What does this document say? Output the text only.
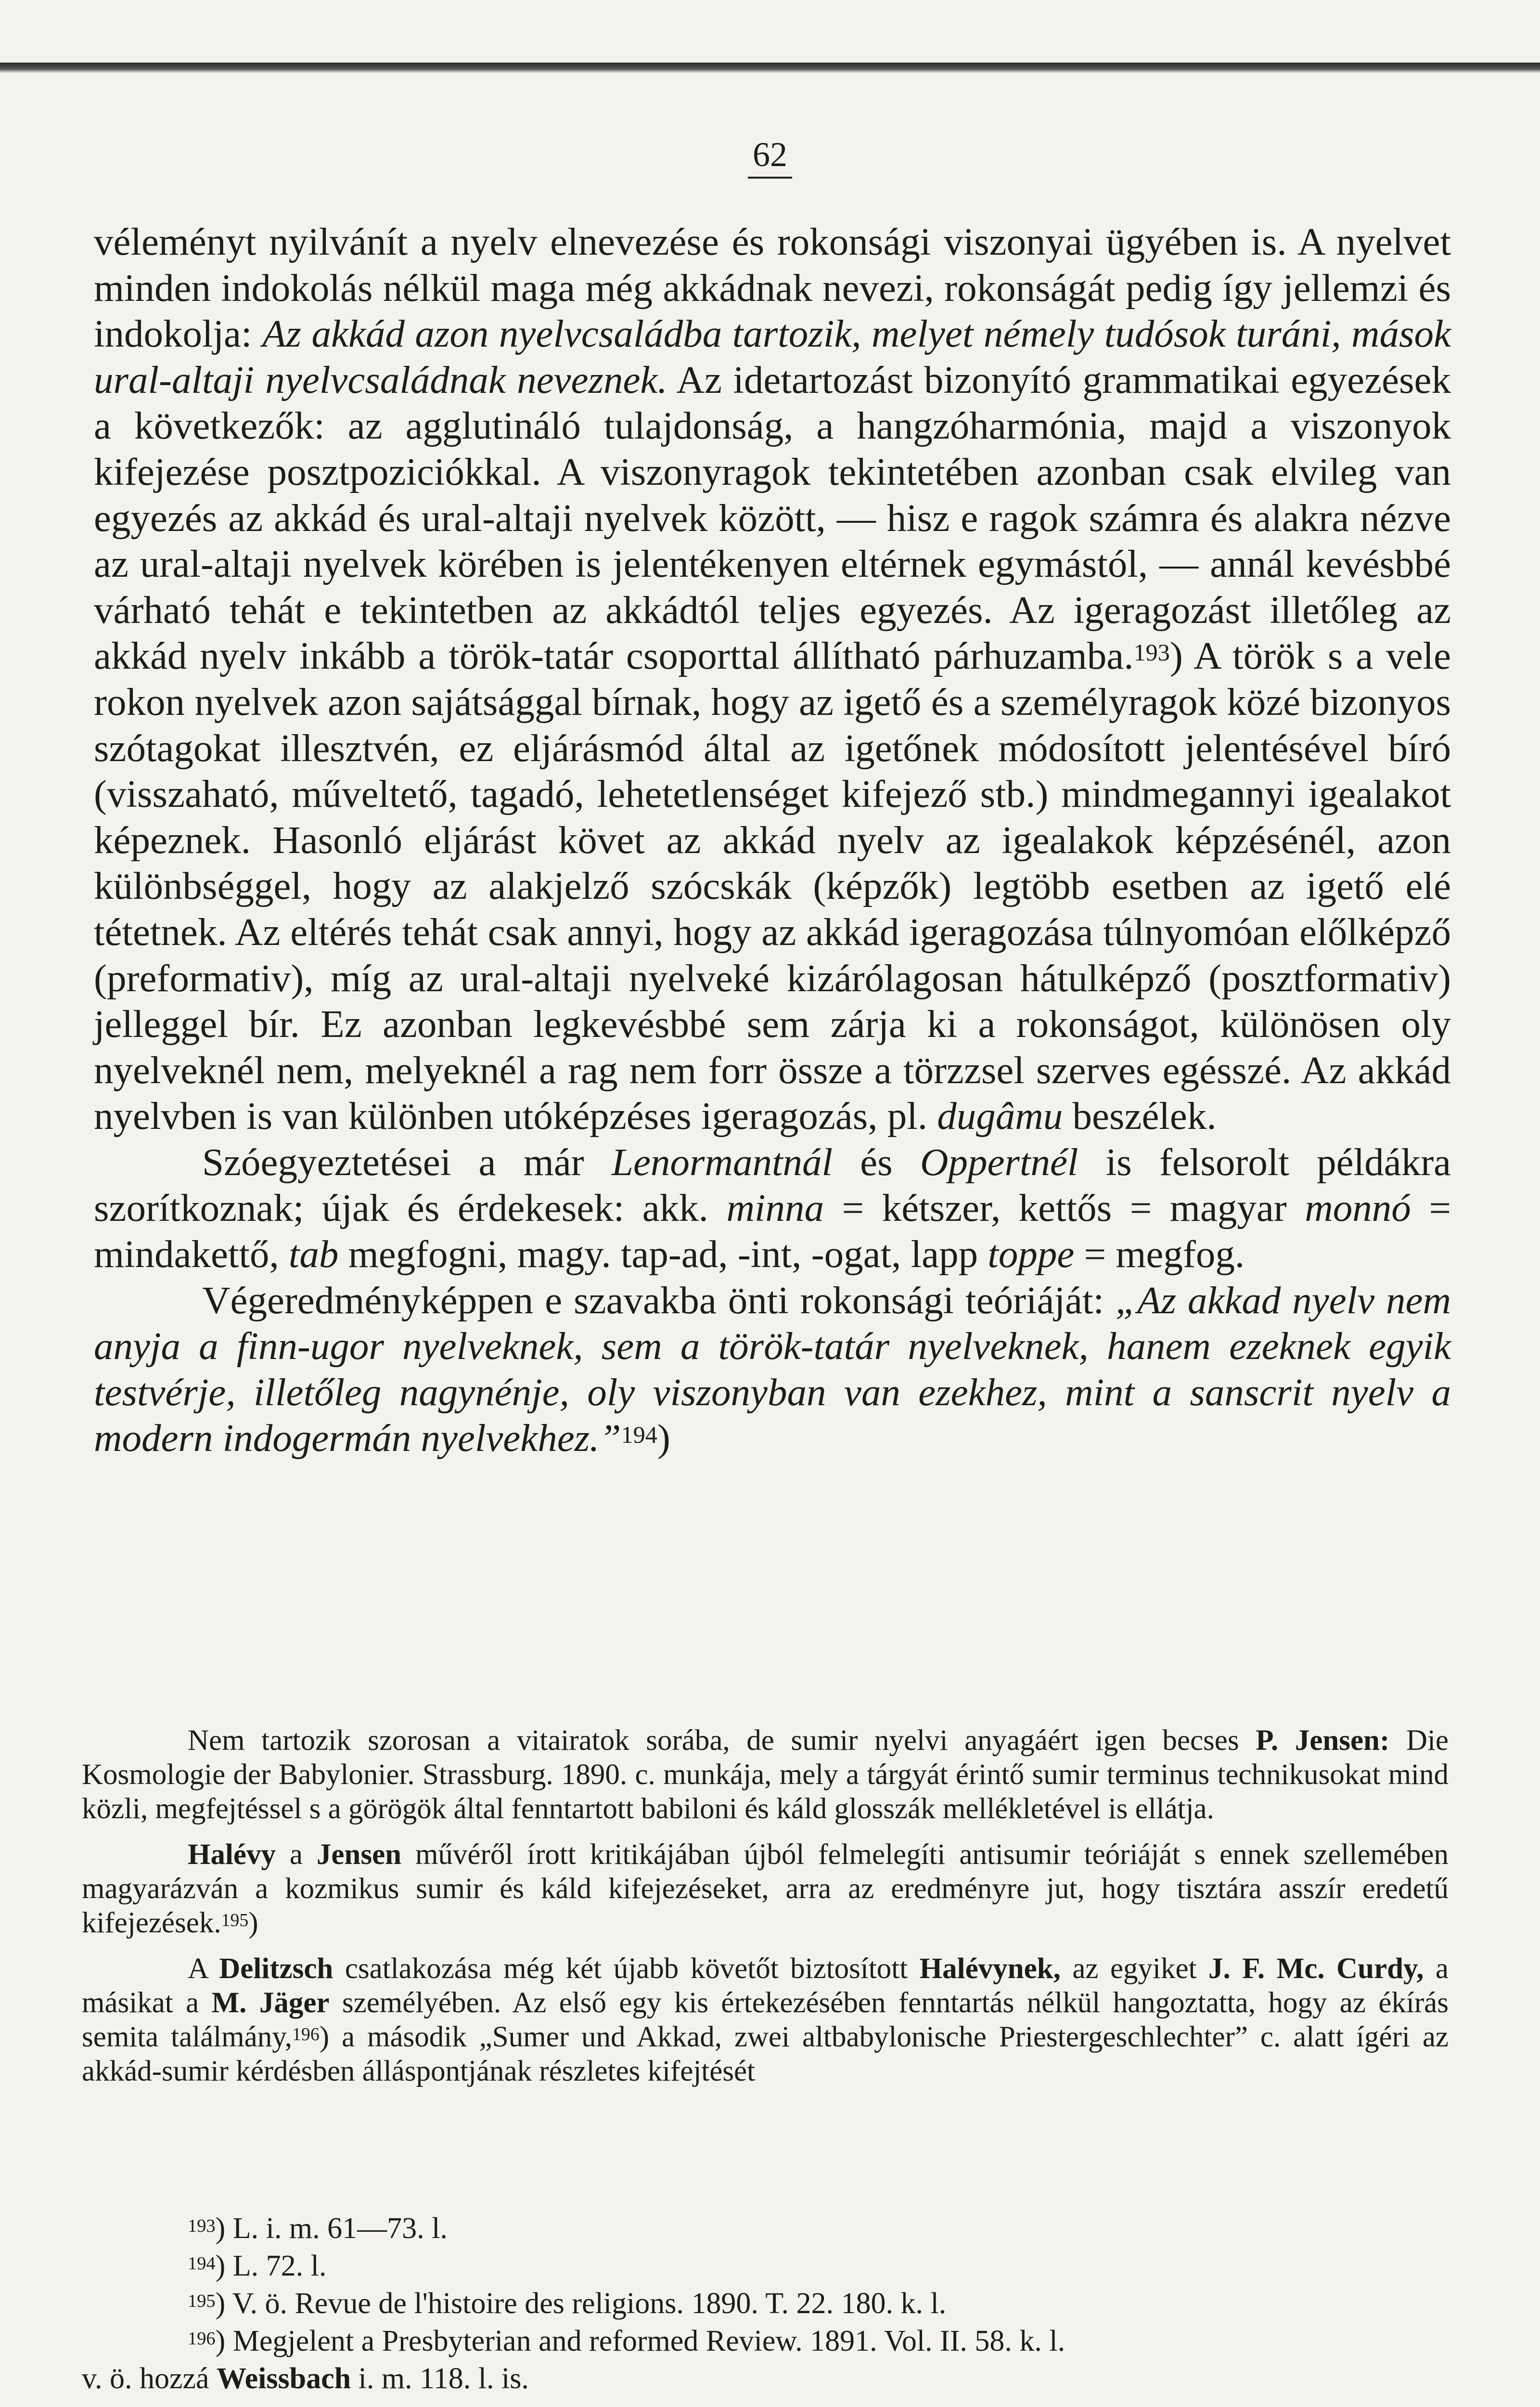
62

véleményt nyilvánít a nyelv elnevezése és rokonsági viszonyai ügyében is. A nyelvet minden indokolás nélkül maga még akkádnak nevezi, rokonságát pedig így jellemzi és indokolja: Az akkád azon nyelvcsaládba tartozik, melyet némely tudósok turáni, mások ural-altaji nyelvcsaládnak neveznek. Az idetartozást bizonyító grammatikai egyezések a következők: az agglutináló tulajdonság, a hangzóharmónia, majd a viszonyok kifejezése posztpoziciókkal. A viszonyragok tekintetében azonban csak elvileg van egyezés az akkád és ural-altaji nyelvek között, — hisz e ragok számra és alakra nézve az ural-altaji nyelvek körében is jelentékenyen eltérnek egymástól, — annál kevésbbé várható tehát e tekintetben az akkádtól teljes egyezés. Az igeragozást illetőleg az akkád nyelv inkább a török-tatár csoporttal állítható párhuzamba.$^{193}$) A török s a vele rokon nyelvek azon sajátsággal bírnak, hogy az igető és a személyragok közé bizonyos szótagokat illesztvén, ez eljárásmód által az igetőnek módosított jelentésével bíró (visszaható, műveltető, tagadó, lehetetlenséget kifejező stb.) mindmegannyi igealakot képeznek. Hasonló eljárást követ az akkád nyelv az igealakok képzésénél, azon különbséggel, hogy az alakjelző szócskák (képzők) legtöbb esetben az igető elé tétetnek. Az eltérés tehát csak annyi, hogy az akkád igeragozása túlnyomóan előlképző (preformativ), míg az ural-altaji nyelveké kizárólagosan hátulképző (posztformativ) jelleggel bír. Ez azonban legkevésbbé sem zárja ki a rokonságot, különösen oly nyelveknél nem, melyeknél a rag nem forr össze a törzzsel szerves egésszé. Az akkád nyelvben is van különben utóképzéses igeragozás, pl. dugâmu beszélek.

Szóegyeztetései a már Lenormantnál és Oppertnél is felsorolt példákra szorítkoznak; újak és érdekesek: akk. minna = kétszer, kettős = magyar monnó = mindakettő, tab megfogni, magy. tap-ad, -int, -ogat, lapp toppe = megfog.

Végeredményképpen e szavakba önti rokonsági teóriáját: „Az akkad nyelv nem anyja a finn-ugor nyelveknek, sem a török-tatár nyelveknek, hanem ezeknek egyik testvérje, illetőleg nagynénje, oly viszonyban van ezekhez, mint a sanscrit nyelv a modern indogermán nyelvekhez.”$^{194}$)

Nem tartozik szorosan a vitairatok sorába, de sumir nyelvi anyagáért igen becses P. Jensen: Die Kosmologie der Babylonier. Strassburg. 1890. c. munkája, mely a tárgyát érintő sumir terminus technikusokat mind közli, megfejtéssel s a görögök által fenntartott babiloni és káld glosszák mellékletével is ellátja.

Halévy a Jensen művéről írott kritikájában újból felmelegíti antisumir teóriáját s ennek szellemében magyarázván a kozmikus sumir és káld kifejezéseket, arra az eredményre jut, hogy tisztára asszír eredetű kifejezések.$^{195}$)

A Delitzsch csatlakozása még két újabb követőt biztosított Halévynek, az egyiket J. F. Mc. Curdy, a másikat a M. Jäger személyében. Az első egy kis értekezésében fenntartás nélkül hangoztatta, hogy az ékírás semita találmány,$^{196}$) a második „Sumer und Akkad, zwei altbabylonische Priestergeschlechter” c. alatt ígéri az akkád-sumir kérdésben álláspontjának részletes kifejtését

$^{193}$) L. i. m. 61—73. l.

$^{194}$) L. 72. l.

$^{195}$) V. ö. Revue de l'histoire des religions. 1890. T. 22. 180. k. l.

$^{196}$) Megjelent a Presbyterian and reformed Review. 1891. Vol. II. 58. k. l.

v. ö. hozzá Weissbach i. m. 118. l. is.
